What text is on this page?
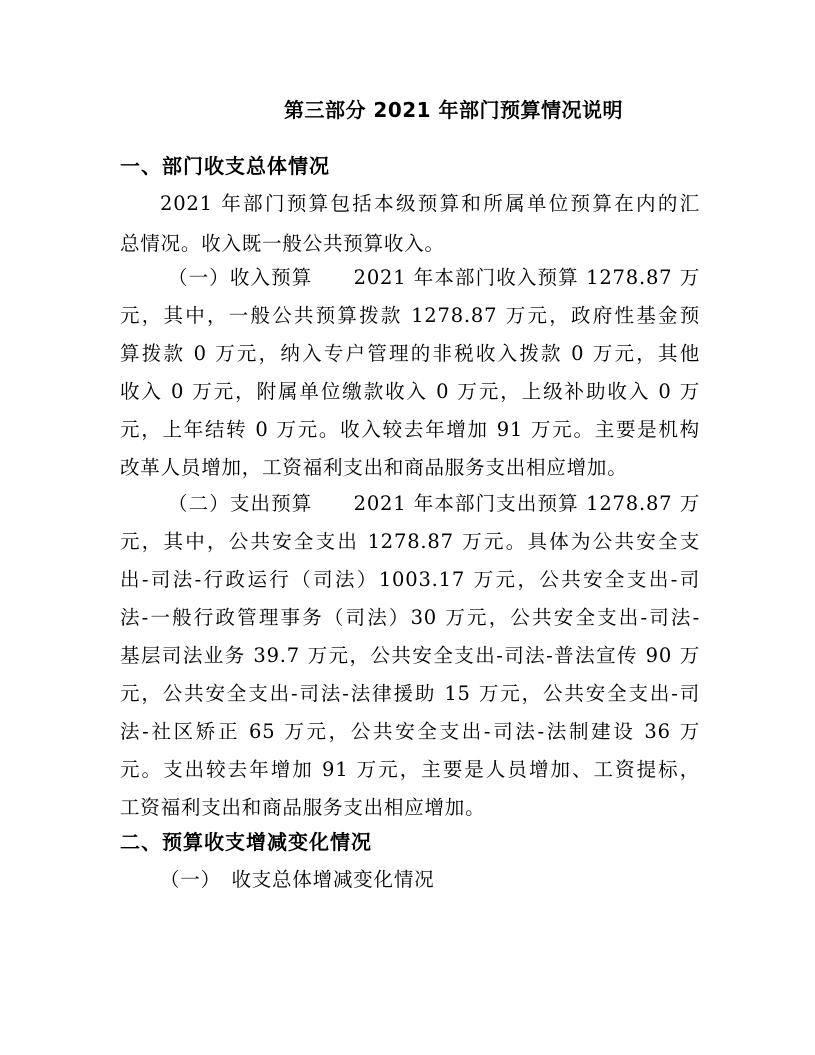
第三部分 2021 年部门预算情况说明
一、部门收支总体情况
2021 年部门预算包括本级预算和所属单位预算在内的汇
总情况。收入既一般公共预算收入。
（一）收入预算　　2021 年本部门收入预算 1278.87 万
元，其中，一般公共预算拨款 1278.87 万元，政府性基金预
算拨款 0 万元，纳入专户管理的非税收入拨款 0 万元，其他
收入 0 万元，附属单位缴款收入 0 万元，上级补助收入 0 万
元，上年结转 0 万元。收入较去年增加 91 万元。主要是机构
改革人员增加，工资福利支出和商品服务支出相应增加。
（二）支出预算　　2021 年本部门支出预算 1278.87 万
元，其中，公共安全支出 1278.87 万元。具体为公共安全支
出-司法-行政运行（司法）1003.17 万元，公共安全支出-司
法-一般行政管理事务（司法）30 万元，公共安全支出-司法-
基层司法业务 39.7 万元，公共安全支出-司法-普法宣传 90 万
元，公共安全支出-司法-法律援助 15 万元，公共安全支出-司
法-社区矫正 65 万元，公共安全支出-司法-法制建设 36 万
元。支出较去年增加 91 万元，主要是人员增加、工资提标，
工资福利支出和商品服务支出相应增加。
二、预算收支增减变化情况
（一）　收支总体增减变化情况
